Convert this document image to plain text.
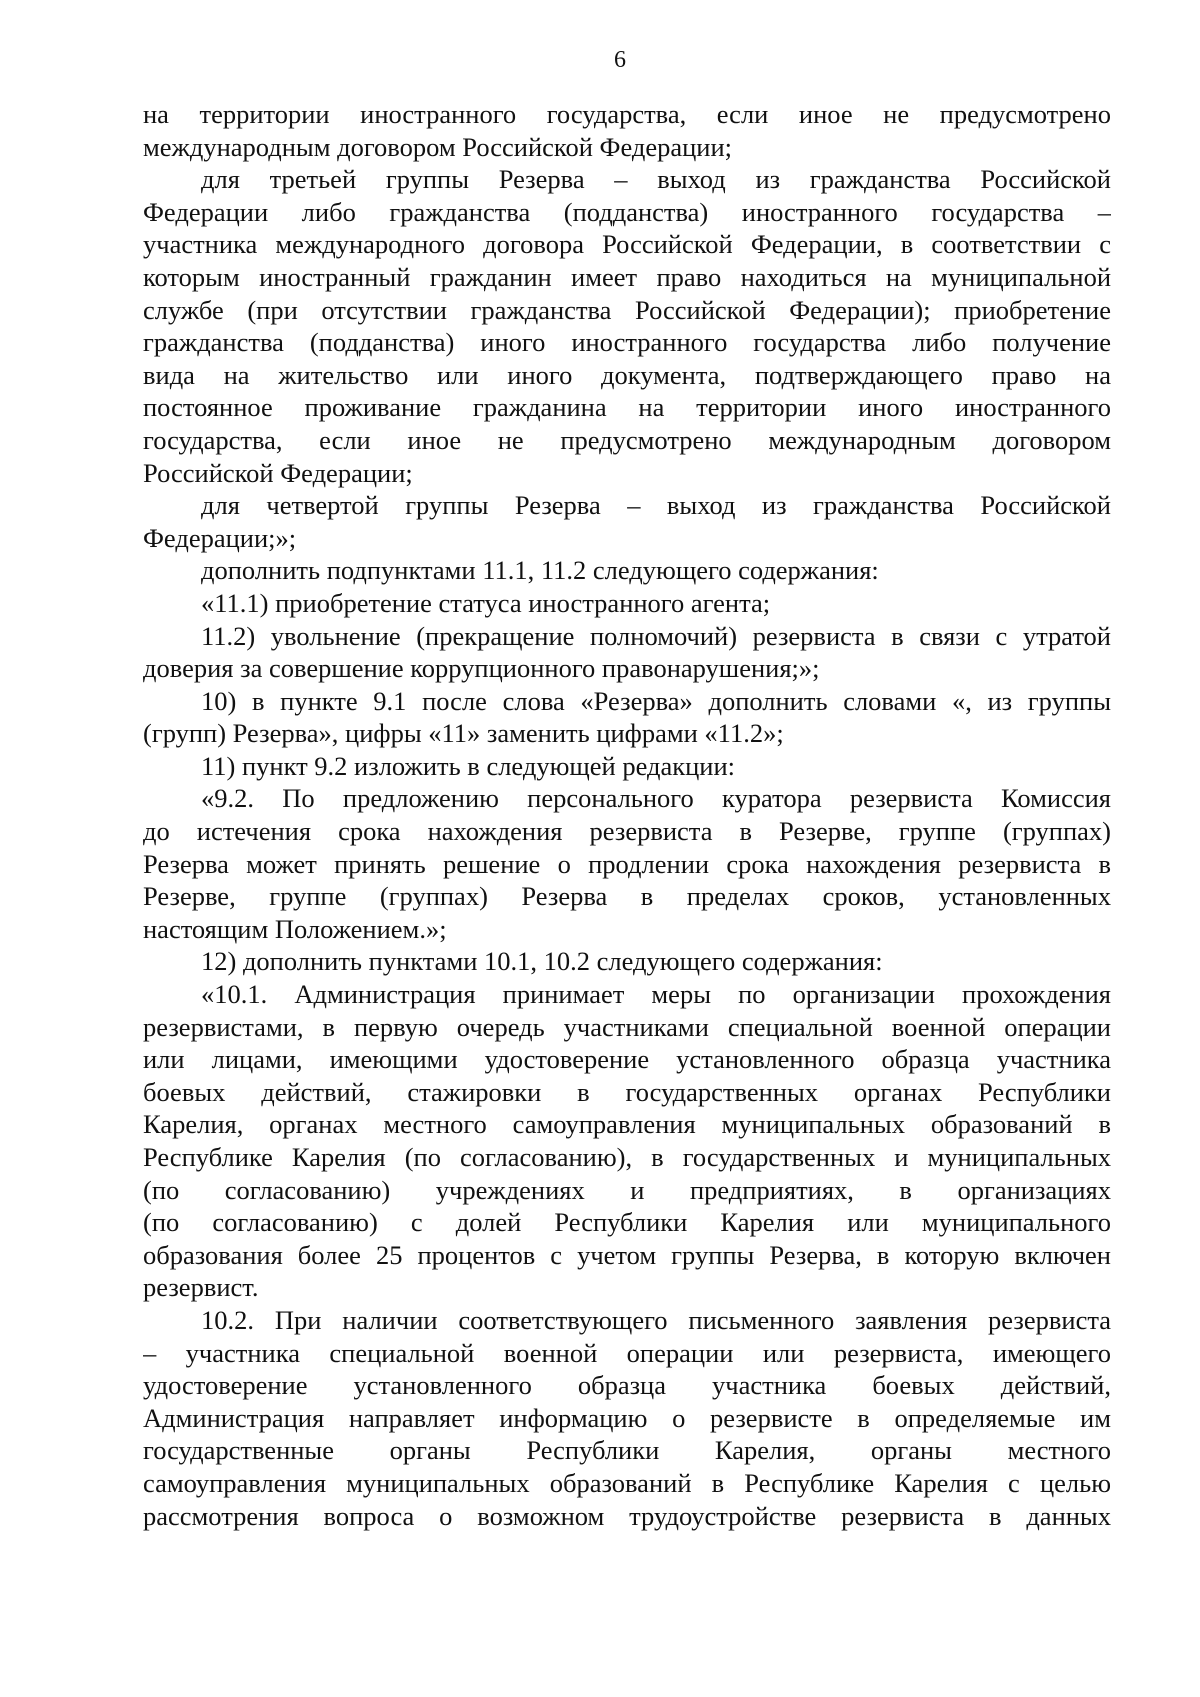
6
на территории иностранного государства, если иное не предусмотрено
международным договором Российской Федерации;
для третьей группы Резерва – выход из гражданства Российской
Федерации либо гражданства (подданства) иностранного государства –
участника международного договора Российской Федерации, в соответствии с
которым иностранный гражданин имеет право находиться на муниципальной
службе (при отсутствии гражданства Российской Федерации); приобретение
гражданства (подданства) иного иностранного государства либо получение
вида на жительство или иного документа, подтверждающего право на
постоянное проживание гражданина на территории иного иностранного
государства, если иное не предусмотрено международным договором
Российской Федерации;
для четвертой группы Резерва – выход из гражданства Российской
Федерации;»;
дополнить подпунктами 11.1, 11.2 следующего содержания:
«11.1) приобретение статуса иностранного агента;
11.2) увольнение (прекращение полномочий) резервиста в связи с утратой
доверия за совершение коррупционного правонарушения;»;
10) в пункте 9.1 после слова «Резерва» дополнить словами «, из группы
(групп) Резерва», цифры «11» заменить цифрами «11.2»;
11) пункт 9.2 изложить в следующей редакции:
«9.2. По предложению персонального куратора резервиста Комиссия
до истечения срока нахождения резервиста в Резерве, группе (группах)
Резерва может принять решение о продлении срока нахождения резервиста в
Резерве, группе (группах) Резерва в пределах сроков, установленных
настоящим Положением.»;
12) дополнить пунктами 10.1, 10.2 следующего содержания:
«10.1. Администрация принимает меры по организации прохождения
резервистами, в первую очередь участниками специальной военной операции
или лицами, имеющими удостоверение установленного образца участника
боевых действий, стажировки в государственных органах Республики
Карелия, органах местного самоуправления муниципальных образований в
Республике Карелия (по согласованию), в государственных и муниципальных
(по согласованию) учреждениях и предприятиях, в организациях
(по согласованию) с долей Республики Карелия или муниципального
образования более 25 процентов с учетом группы Резерва, в которую включен
резервист.
10.2. При наличии соответствующего письменного заявления резервиста
– участника специальной военной операции или резервиста, имеющего
удостоверение установленного образца участника боевых действий,
Администрация направляет информацию о резервисте в определяемые им
государственные органы Республики Карелия, органы местного
самоуправления муниципальных образований в Республике Карелия с целью
рассмотрения вопроса о возможном трудоустройстве резервиста в данных
